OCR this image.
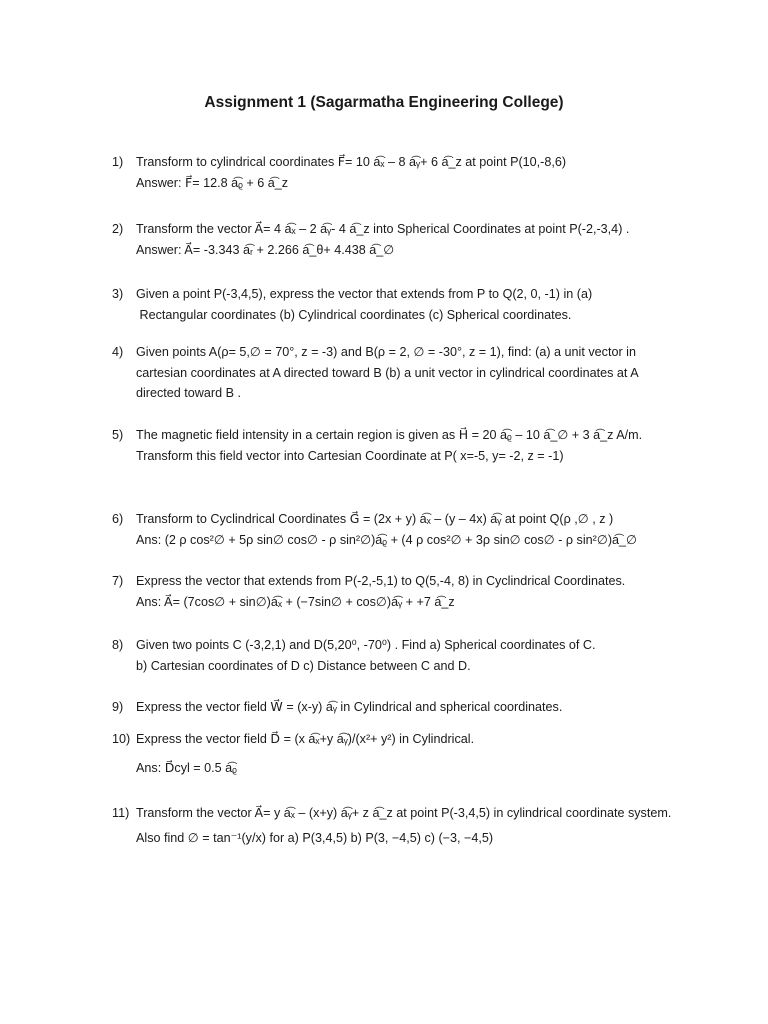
Assignment 1 (Sagarmatha Engineering College)
1)	Transform to cylindrical coordinates F⃗= 10 a͡ₓ – 8 a͡ᵧ+ 6 a͡_z at point P(10,-8,6)
Answer: F⃗= 12.8 a͡ᵨ + 6 a͡_z
2)	Transform the vector A⃗= 4 a͡ₓ – 2 a͡ᵧ- 4 a͡_z into Spherical Coordinates at point P(-2,-3,4) .
Answer: A⃗= -3.343 a͡ᵣ + 2.266 a͡_θ+ 4.438 a͡_∅
3)	Given a point P(-3,4,5), express the vector that extends from P to Q(2, 0, -1) in (a)
Rectangular coordinates (b) Cylindrical coordinates (c) Spherical coordinates.
4)	Given points A(ρ= 5,∅ = 70°, z = -3) and B(ρ = 2, ∅ = -30°, z = 1), find: (a) a unit vector in
cartesian coordinates at A directed toward B (b) a unit vector in cylindrical coordinates at A
directed toward B .
5)	The magnetic field intensity in a certain region is given as H⃗ = 20 a͡ᵨ – 10 a͡_∅ + 3 a͡_z A/m.
Transform this field vector into Cartesian Coordinate at P( x=-5, y= -2, z = -1)
6)	Transform to Cyclindrical Coordinates G⃗ = (2x + y) a͡ₓ – (y – 4x) a͡ᵧ at point Q(ρ ,∅ , z )
Ans: (2 ρ cos²∅ + 5ρ sin∅ cos∅ - ρ sin²∅)a͡ᵨ + (4 ρ cos²∅ + 3ρ sin∅ cos∅ - ρ sin²∅)a͡_∅
7)	Express the vector that extends from P(-2,-5,1) to Q(5,-4, 8) in Cyclindrical Coordinates.
Ans: A⃗= (7cos∅ + sin∅)a͡ₓ + (−7sin∅ + cos∅)a͡ᵧ + +7 a͡_z
8)	Given two points C (-3,2,1) and D(5,20⁰, -70⁰) . Find a) Spherical coordinates of C.
b) Cartesian coordinates of D c) Distance between C and D.
9)	Express the vector field W⃗ = (x-y) a͡ᵧ in Cylindrical and spherical coordinates.
10) Express the vector field D⃗ = (x a͡ₓ+y a͡ᵧ)/(x²+ y²) in Cylindrical.
Ans: D⃗cyl = 0.5 a͡ᵨ
11) Transform the vector A⃗= y a͡ₓ – (x+y) a͡ᵧ+ z a͡_z at point P(-3,4,5) in cylindrical coordinate system.
Also find ∅ = tan⁻¹(y/x) for a) P(3,4,5) b) P(3, −4,5) c) (−3, −4,5)
